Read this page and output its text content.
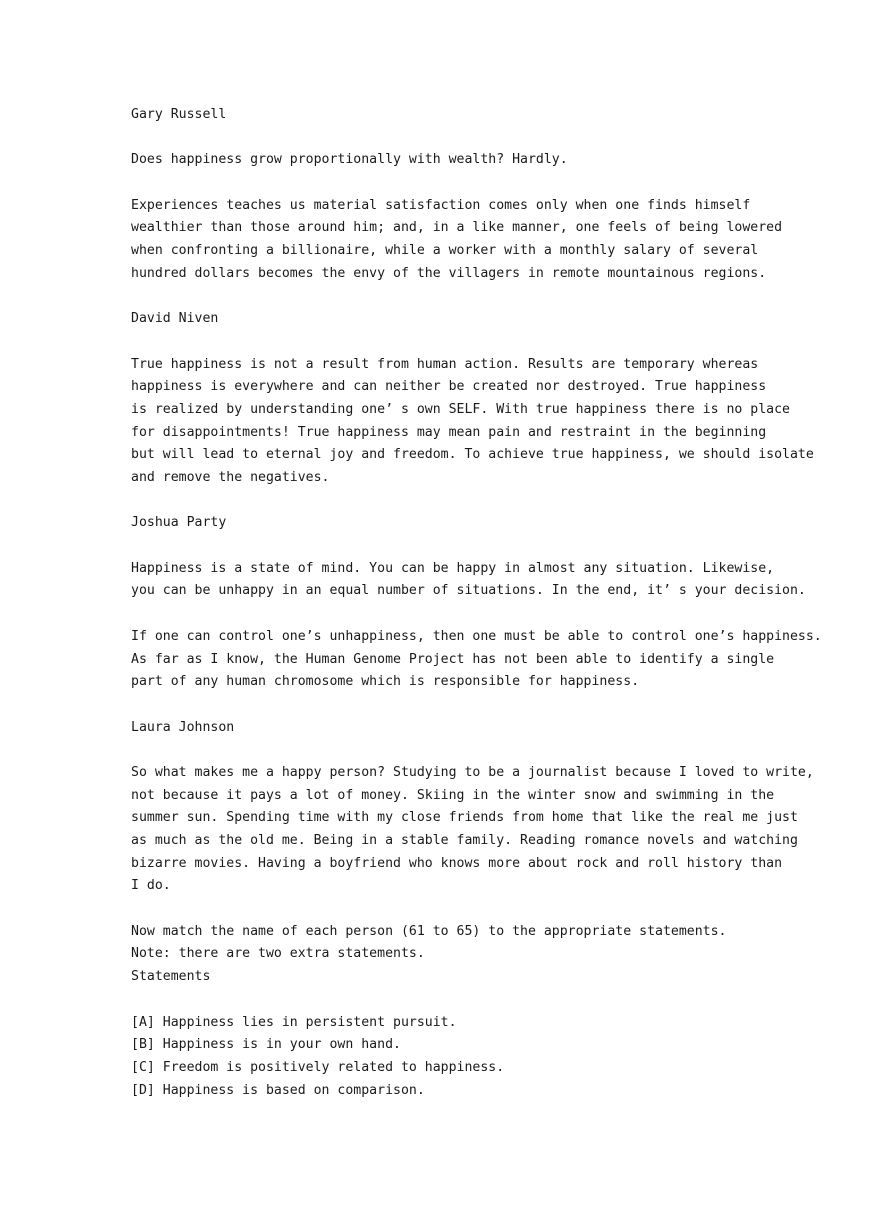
Gary Russell
Does happiness grow proportionally with wealth? Hardly.
Experiences teaches us material satisfaction comes only when one finds himself
wealthier than those around him; and, in a like manner, one feels of being lowered
when confronting a billionaire, while a worker with a monthly salary of several
hundred dollars becomes the envy of the villagers in remote mountainous regions.
David Niven
True happiness is not a result from human action. Results are temporary whereas
happiness is everywhere and can neither be created nor destroyed. True happiness
is realized by understanding one’ s own SELF. With true happiness there is no place
for disappointments! True happiness may mean pain and restraint in the beginning
but will lead to eternal joy and freedom. To achieve true happiness, we should isolate
and remove the negatives.
Joshua Party
Happiness is a state of mind. You can be happy in almost any situation. Likewise,
you can be unhappy in an equal number of situations. In the end, it’ s your decision.
If one can control one’s unhappiness, then one must be able to control one’s happiness.
As far as I know, the Human Genome Project has not been able to identify a single
part of any human chromosome which is responsible for happiness.
Laura Johnson
So what makes me a happy person? Studying to be a journalist because I loved to write,
not because it pays a lot of money. Skiing in the winter snow and swimming in the
summer sun. Spending time with my close friends from home that like the real me just
as much as the old me. Being in a stable family. Reading romance novels and watching
bizarre movies. Having a boyfriend who knows more about rock and roll history than
I do.
Now match the name of each person (61 to 65) to the appropriate statements.
Note: there are two extra statements.
Statements
[A] Happiness lies in persistent pursuit.
[B] Happiness is in your own hand.
[C] Freedom is positively related to happiness.
[D] Happiness is based on comparison.
